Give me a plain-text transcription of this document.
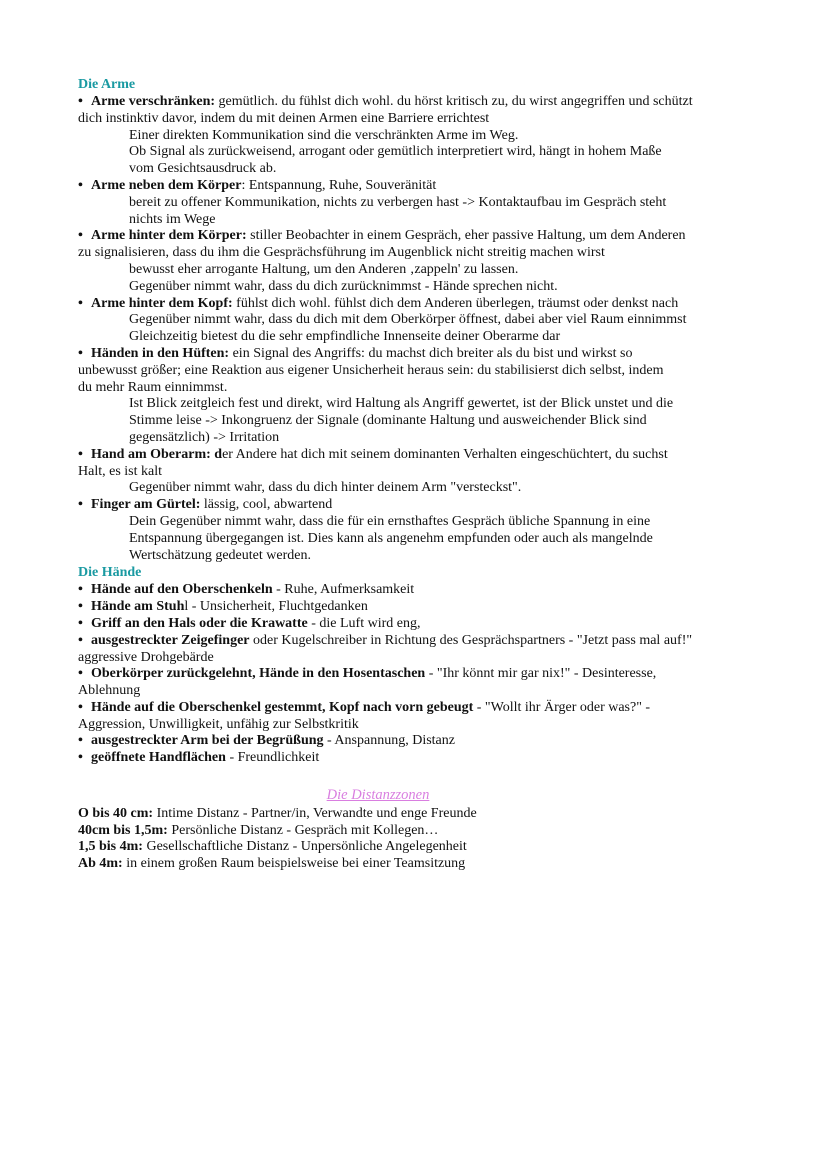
Die Arme
• Arme verschränken: gemütlich. du fühlst dich wohl. du hörst kritisch zu, du wirst angegriffen und schützt
dich instinktiv davor, indem du mit deinen Armen eine Barriere errichtest
Einer direkten Kommunikation sind die verschränkten Arme im Weg.
Ob Signal als zurückweisend, arrogant oder gemütlich interpretiert wird, hängt in hohem Maße
vom Gesichtsausdruck ab.
• Arme neben dem Körper: Entspannung, Ruhe, Souveränität
bereit zu offener Kommunikation, nichts zu verbergen hast -> Kontaktaufbau im Gespräch steht
nichts im Wege
• Arme hinter dem Körper: stiller Beobachter in einem Gespräch, eher passive Haltung, um dem Anderen
zu signalisieren, dass du ihm die Gesprächsführung im Augenblick nicht streitig machen wirst
bewusst eher arrogante Haltung, um den Anderen ‚zappeln' zu lassen.
Gegenüber nimmt wahr, dass du dich zurücknimmst - Hände sprechen nicht.
• Arme hinter dem Kopf: fühlst dich wohl. fühlst dich dem Anderen überlegen, träumst oder denkst nach
Gegenüber nimmt wahr, dass du dich mit dem Oberkörper öffnest, dabei aber viel Raum einnimmst
Gleichzeitig bietest du die sehr empfindliche Innenseite deiner Oberarme dar
• Händen in den Hüften: ein Signal des Angriffs: du machst dich breiter als du bist und wirkst so
unbewusst größer; eine Reaktion aus eigener Unsicherheit heraus sein: du stabilisierst dich selbst, indem
du mehr Raum einnimmst.
Ist Blick zeitgleich fest und direkt, wird Haltung als Angriff gewertet, ist der Blick unstet und die
Stimme leise -> Inkongruenz der Signale (dominante Haltung und ausweichender Blick sind
gegensätzlich) -> Irritation
• Hand am Oberarm: der Andere hat dich mit seinem dominanten Verhalten eingeschüchtert, du suchst
Halt, es ist kalt
Gegenüber nimmt wahr, dass du dich hinter deinem Arm "versteckst".
• Finger am Gürtel: lässig, cool, abwartend
Dein Gegenüber nimmt wahr, dass die für ein ernsthaftes Gespräch übliche Spannung in eine
Entspannung übergegangen ist. Dies kann als angenehm empfunden oder auch als mangelnde
Wertschätzung gedeutet werden.
Die Hände
• Hände auf den Oberschenkeln - Ruhe, Aufmerksamkeit
• Hände am Stuhl - Unsicherheit, Fluchtgedanken
• Griff an den Hals oder die Krawatte - die Luft wird eng,
• ausgestreckter Zeigefinger oder Kugelschreiber in Richtung des Gesprächspartners - "Jetzt pass mal auf!"
aggressive Drohgebärde
• Oberkörper zurückgelehnt, Hände in den Hosentaschen - "Ihr könnt mir gar nix!" - Desinteresse,
Ablehnung
• Hände auf die Oberschenkel gestemmt, Kopf nach vorn gebeugt - "Wollt ihr Ärger oder was?" -
Aggression, Unwilligkeit, unfähig zur Selbstkritik
• ausgestreckter Arm bei der Begrüßung - Anspannung, Distanz
• geöffnete Handflächen - Freundlichkeit
Die Distanzzonen

O bis 40 cm: Intime Distanz - Partner/in, Verwandte und enge Freunde

40cm bis 1,5m: Persönliche Distanz - Gespräch mit Kollegen…

1,5 bis 4m: Gesellschaftliche Distanz - Unpersönliche Angelegenheit

Ab 4m: in einem großen Raum beispielsweise bei einer Teamsitzung
